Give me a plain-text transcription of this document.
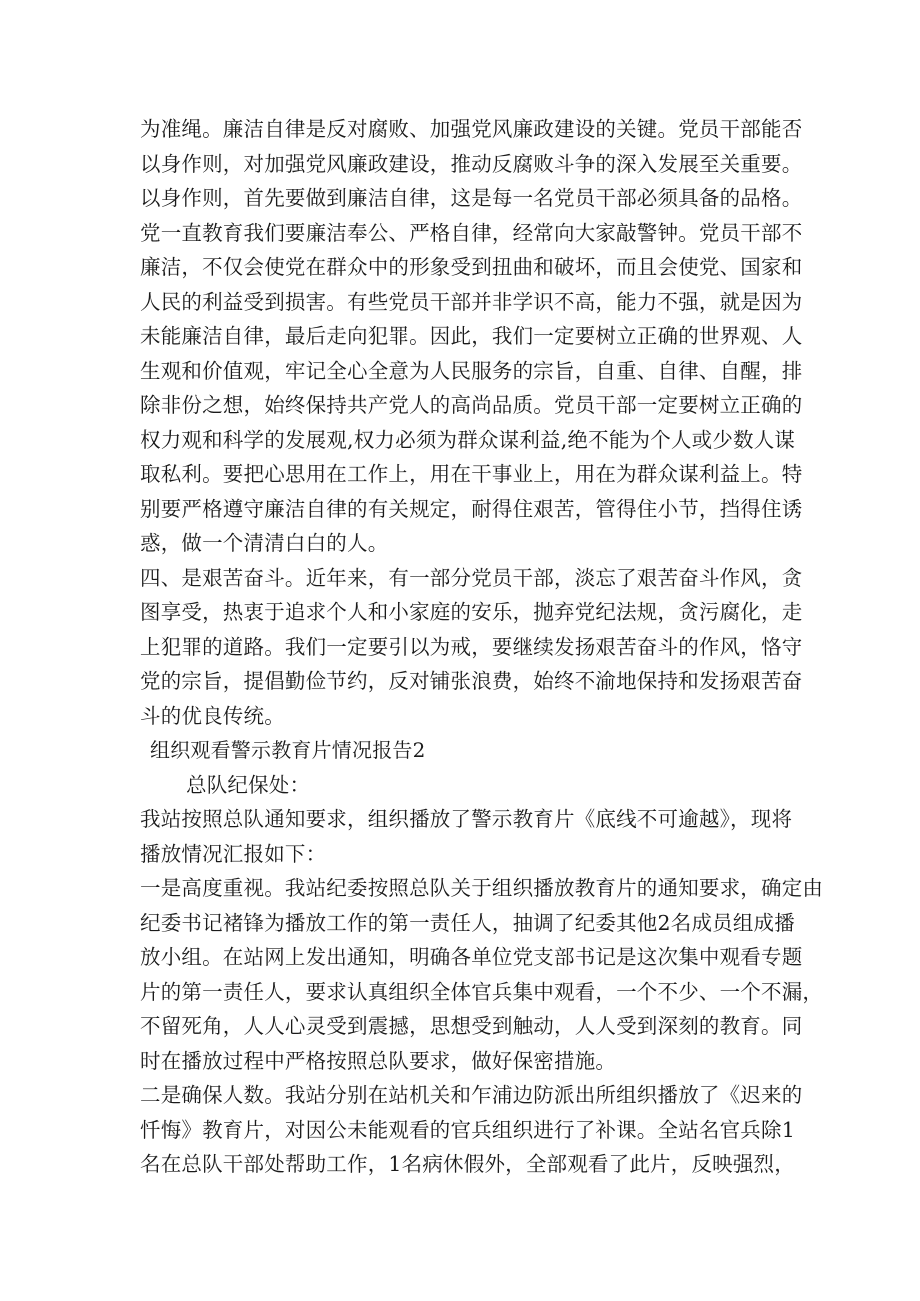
为准绳。廉洁自律是反对腐败、加强党风廉政建设的关键。党员干部能否
以身作则，对加强党风廉政建设，推动反腐败斗争的深入发展至关重要。
以身作则，首先要做到廉洁自律，这是每一名党员干部必须具备的品格。
党一直教育我们要廉洁奉公、严格自律，经常向大家敲警钟。党员干部不
廉洁，不仅会使党在群众中的形象受到扭曲和破坏，而且会使党、国家和
人民的利益受到损害。有些党员干部并非学识不高，能力不强，就是因为
未能廉洁自律，最后走向犯罪。因此，我们一定要树立正确的世界观、人
生观和价值观，牢记全心全意为人民服务的宗旨，自重、自律、自醒，排
除非份之想，始终保持共产党人的高尚品质。党员干部一定要树立正确的
权力观和科学的发展观,权力必须为群众谋利益,绝不能为个人或少数人谋
取私利。要把心思用在工作上，用在干事业上，用在为群众谋利益上。特
别要严格遵守廉洁自律的有关规定，耐得住艰苦，管得住小节，挡得住诱
惑，做一个清清白白的人。
四、是艰苦奋斗。近年来，有一部分党员干部，淡忘了艰苦奋斗作风，贪
图享受，热衷于追求个人和小家庭的安乐，抛弃党纪法规，贪污腐化，走
上犯罪的道路。我们一定要引以为戒，要继续发扬艰苦奋斗的作风，恪守
党的宗旨，提倡勤俭节约，反对铺张浪费，始终不渝地保持和发扬艰苦奋
斗的优良传统。
组织观看警示教育片情况报告2
总队纪保处：
我站按照总队通知要求，组织播放了警示教育片《底线不可逾越》，现将
播放情况汇报如下：
一是高度重视。我站纪委按照总队关于组织播放教育片的通知要求，确定由
纪委书记褚锋为播放工作的第一责任人，抽调了纪委其他2名成员组成播
放小组。在站网上发出通知，明确各单位党支部书记是这次集中观看专题
片的第一责任人，要求认真组织全体官兵集中观看，一个不少、一个不漏，
不留死角，人人心灵受到震撼，思想受到触动，人人受到深刻的教育。同
时在播放过程中严格按照总队要求，做好保密措施。
二是确保人数。我站分别在站机关和乍浦边防派出所组织播放了《迟来的
忏悔》教育片，对因公未能观看的官兵组织进行了补课。全站名官兵除1
名在总队干部处帮助工作，1名病休假外，全部观看了此片，反映强烈，
